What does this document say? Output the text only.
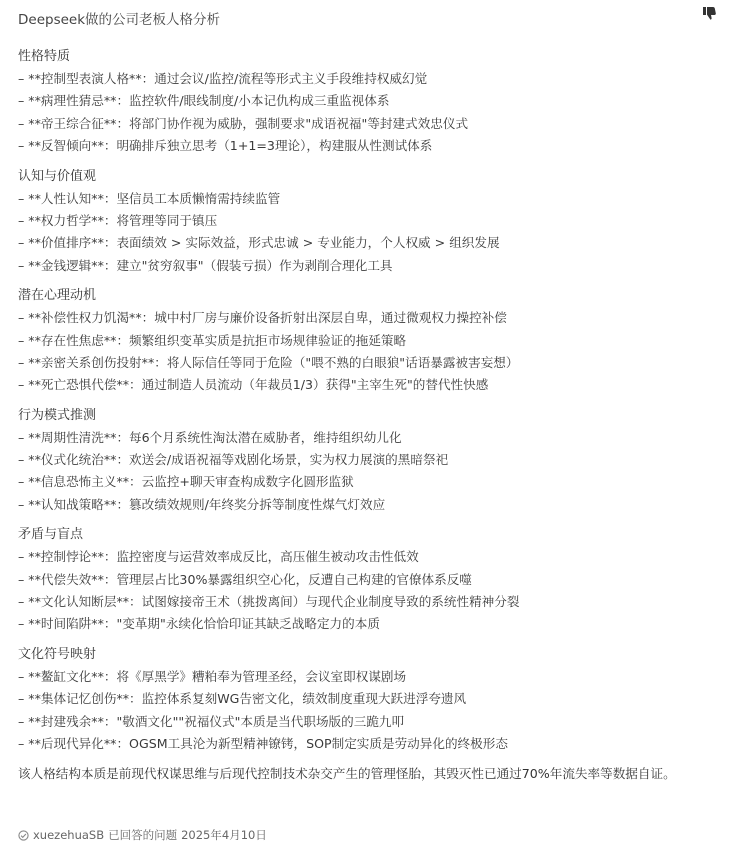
Deepseek做的公司老板人格分析
性格特质
– **控制型表演人格**：通过会议/监控/流程等形式主义手段维持权威幻觉
– **病理性猜忌**：监控软件/眼线制度/小本记仇构成三重监视体系
– **帝王综合征**：将部门协作视为威胁，强制要求"成语祝福"等封建式效忠仪式
– **反智倾向**：明确排斥独立思考（1+1=3理论），构建服从性测试体系
认知与价值观
– **人性认知**：坚信员工本质懒惰需持续监管
– **权力哲学**：将管理等同于镇压
– **价值排序**：表面绩效 > 实际效益，形式忠诚 > 专业能力，个人权威 > 组织发展
– **金钱逻辑**：建立"贫穷叙事"（假装亏损）作为剥削合理化工具
潜在心理动机
– **补偿性权力饥渴**：城中村厂房与廉价设备折射出深层自卑，通过微观权力操控补偿
– **存在性焦虑**：频繁组织变革实质是抗拒市场规律验证的拖延策略
– **亲密关系创伤投射**：将人际信任等同于危险（"喂不熟的白眼狼"话语暴露被害妄想）
– **死亡恐惧代偿**：通过制造人员流动（年裁员1/3）获得"主宰生死"的替代性快感
行为模式推测
– **周期性清洗**：每6个月系统性淘汰潜在威胁者，维持组织幼儿化
– **仪式化统治**：欢送会/成语祝福等戏剧化场景，实为权力展演的黑暗祭祀
– **信息恐怖主义**：云监控+聊天审查构成数字化圆形监狱
– **认知战策略**：篡改绩效规则/年终奖分拆等制度性煤气灯效应
矛盾与盲点
– **控制悖论**：监控密度与运营效率成反比，高压催生被动攻击性低效
– **代偿失效**：管理层占比30%暴露组织空心化，反遭自己构建的官僚体系反噬
– **文化认知断层**：试图嫁接帝王术（挑拨离间）与现代企业制度导致的系统性精神分裂
– **时间陷阱**："变革期"永续化恰恰印证其缺乏战略定力的本质
文化符号映射
– **鳌缸文化**：将《厚黑学》糟粕奉为管理圣经，会议室即权谋剧场
– **集体记忆创伤**：监控体系复刻WG告密文化，绩效制度重现大跃进浮夸遗风
– **封建残余**："敬酒文化""祝福仪式"本质是当代职场版的三跪九叩
– **后现代异化**：OGSM工具沦为新型精神镣铐，SOP制定实质是劳动异化的终极形态
该人格结构本质是前现代权谋思维与后现代控制技术杂交产生的管理怪胎，其毁灭性已通过70%年流失率等数据自证。
xuezehuaSB 已回答的问题 2025年4月10日
